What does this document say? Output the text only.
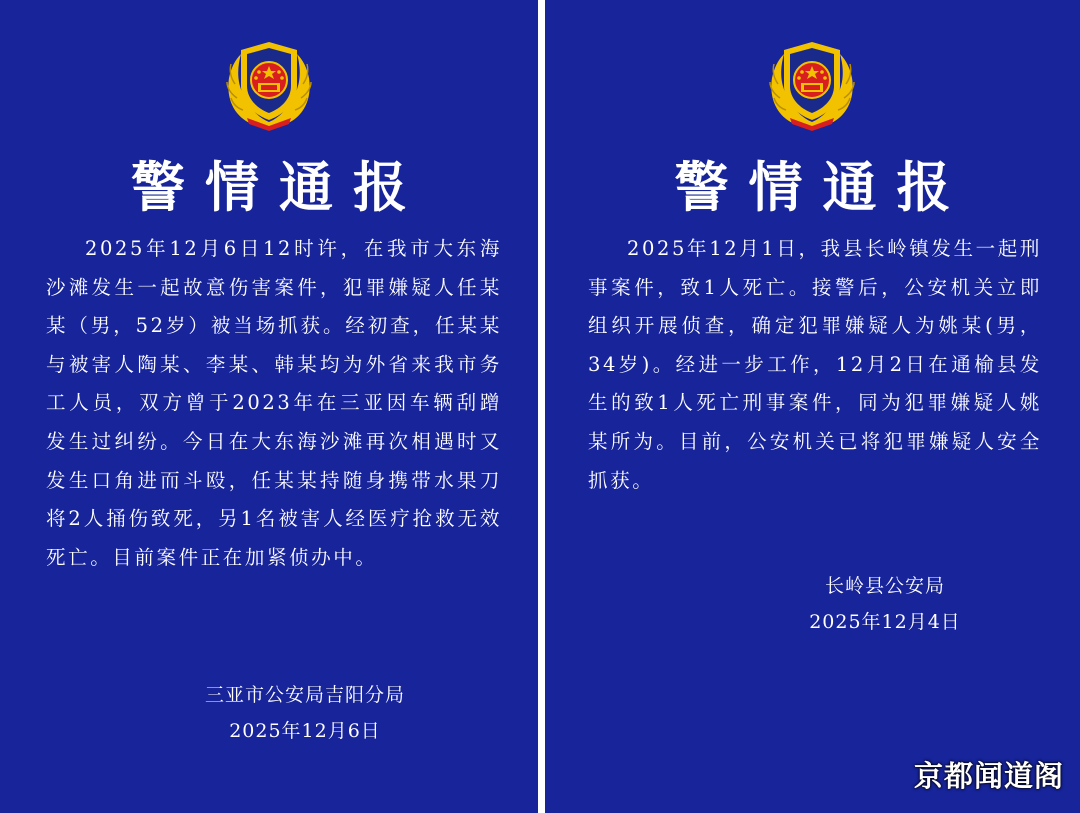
警情通报
2025年12月6日12时许，在我市大东海沙滩发生一起故意伤害案件，犯罪嫌疑人任某某（男，52岁）被当场抓获。经初查，任某某与被害人陶某、李某、韩某均为外省来我市务工人员，双方曾于2023年在三亚因车辆刮蹭发生过纠纷。今日在大东海沙滩再次相遇时又发生口角进而斗殴，任某某持随身携带水果刀将2人捅伤致死，另1名被害人经医疗抢救无效死亡。目前案件正在加紧侦办中。
三亚市公安局吉阳分局
2025年12月6日
警情通报
2025年12月1日，我县长岭镇发生一起刑事案件，致1人死亡。接警后，公安机关立即组织开展侦查，确定犯罪嫌疑人为姚某(男，34岁)。经进一步工作，12月2日在通榆县发生的致1人死亡刑事案件，同为犯罪嫌疑人姚某所为。目前，公安机关已将犯罪嫌疑人安全抓获。
长岭县公安局
2025年12月4日
京都闻道阁
